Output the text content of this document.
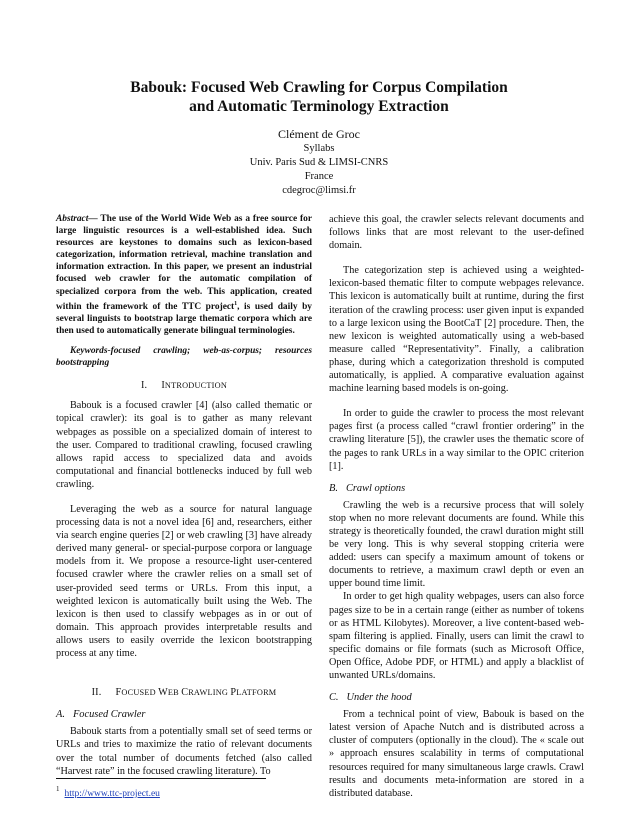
Babouk: Focused Web Crawling for Corpus Compilation
and Automatic Terminology Extraction
Clément de Groc
Syllabs
Univ. Paris Sud & LIMSI-CNRS
France
cdegroc@limsi.fr

Abstract— The use of the World Wide Web as a free source for large linguistic resources is a well-established idea. Such resources are keystones to domains such as lexicon-based categorization, information retrieval, machine translation and information extraction. In this paper, we present an industrial focused web crawler for the automatic compilation of specialized corpora from the web. This application, created within the framework of the TTC project$^1$, is used daily by several linguists to bootstrap large thematic corpora which are then used to automatically generate bilingual terminologies.

Keywords-focused crawling; web-as-corpus; resources bootstrapping

I. INTRODUCTION

Babouk is a focused crawler [4] (also called thematic or topical crawler): its goal is to gather as many relevant webpages as possible on a specialized domain of interest to the user. Compared to traditional crawling, focused crawling allows rapid access to specialized data and avoids computational and financial bottlenecks induced by full web crawling.

Leveraging the web as a source for natural language processing data is not a novel idea [6] and, researchers, either via search engine queries [2] or web crawling [3] have already derived many general- or special-purpose corpora or language models from it. We propose a resource-light user-centered focused crawler where the crawler relies on a small set of user-provided seed terms or URLs. From this input, a weighted lexicon is automatically built using the Web. The lexicon is then used to classify webpages as in or out of domain. This approach provides interpretable results and allows users to easily override the lexicon bootstrapping process at any time.

II. FOCUSED WEB CRAWLING PLATFORM
A. Focused Crawler

Babouk starts from a potentially small set of seed terms or URLs and tries to maximize the ratio of relevant documents over the total number of documents fetched (also called “Harvest rate” in the focused crawling literature). To

achieve this goal, the crawler selects relevant documents and follows links that are most relevant to the user-defined domain.

The categorization step is achieved using a weighted-lexicon-based thematic filter to compute webpages relevance. This lexicon is automatically built at runtime, during the first iteration of the crawling process: user given input is expanded to a large lexicon using the BootCaT [2] procedure. Then, the new lexicon is weighted automatically using a web-based measure called “Representativity”. Finally, a calibration phase, during which a categorization threshold is computed automatically, is applied. A comparative evaluation against machine learning based models is on-going.

In order to guide the crawler to process the most relevant pages first (a process called “crawl frontier ordering” in the crawling literature [5]), the crawler uses the thematic score of the pages to rank URLs in a way similar to the OPIC criterion [1].

B. Crawl options

Crawling the web is a recursive process that will solely stop when no more relevant documents are found. While this strategy is theoretically founded, the crawl duration might still be very long. This is why several stopping criteria were added: users can specify a maximum amount of tokens or documents to retrieve, a maximum crawl depth or even an upper bound time limit.

In order to get high quality webpages, users can also force pages size to be in a certain range (either as number of tokens or as HTML Kilobytes). Moreover, a live content-based web-spam filtering is applied. Finally, users can limit the crawl to specific domains or file formats (such as Microsoft Office, Open Office, Adobe PDF, or HTML) and apply a blacklist of unwanted URLs/domains.

C. Under the hood

From a technical point of view, Babouk is based on the latest version of Apache Nutch and is distributed across a cluster of computers (optionally in the cloud). The « scale out » approach ensures scalability in terms of computational resources required for many simultaneous large crawls. Crawl results and documents meta-information are stored in a distributed database.

$^1$ http://www.ttc-project.eu
